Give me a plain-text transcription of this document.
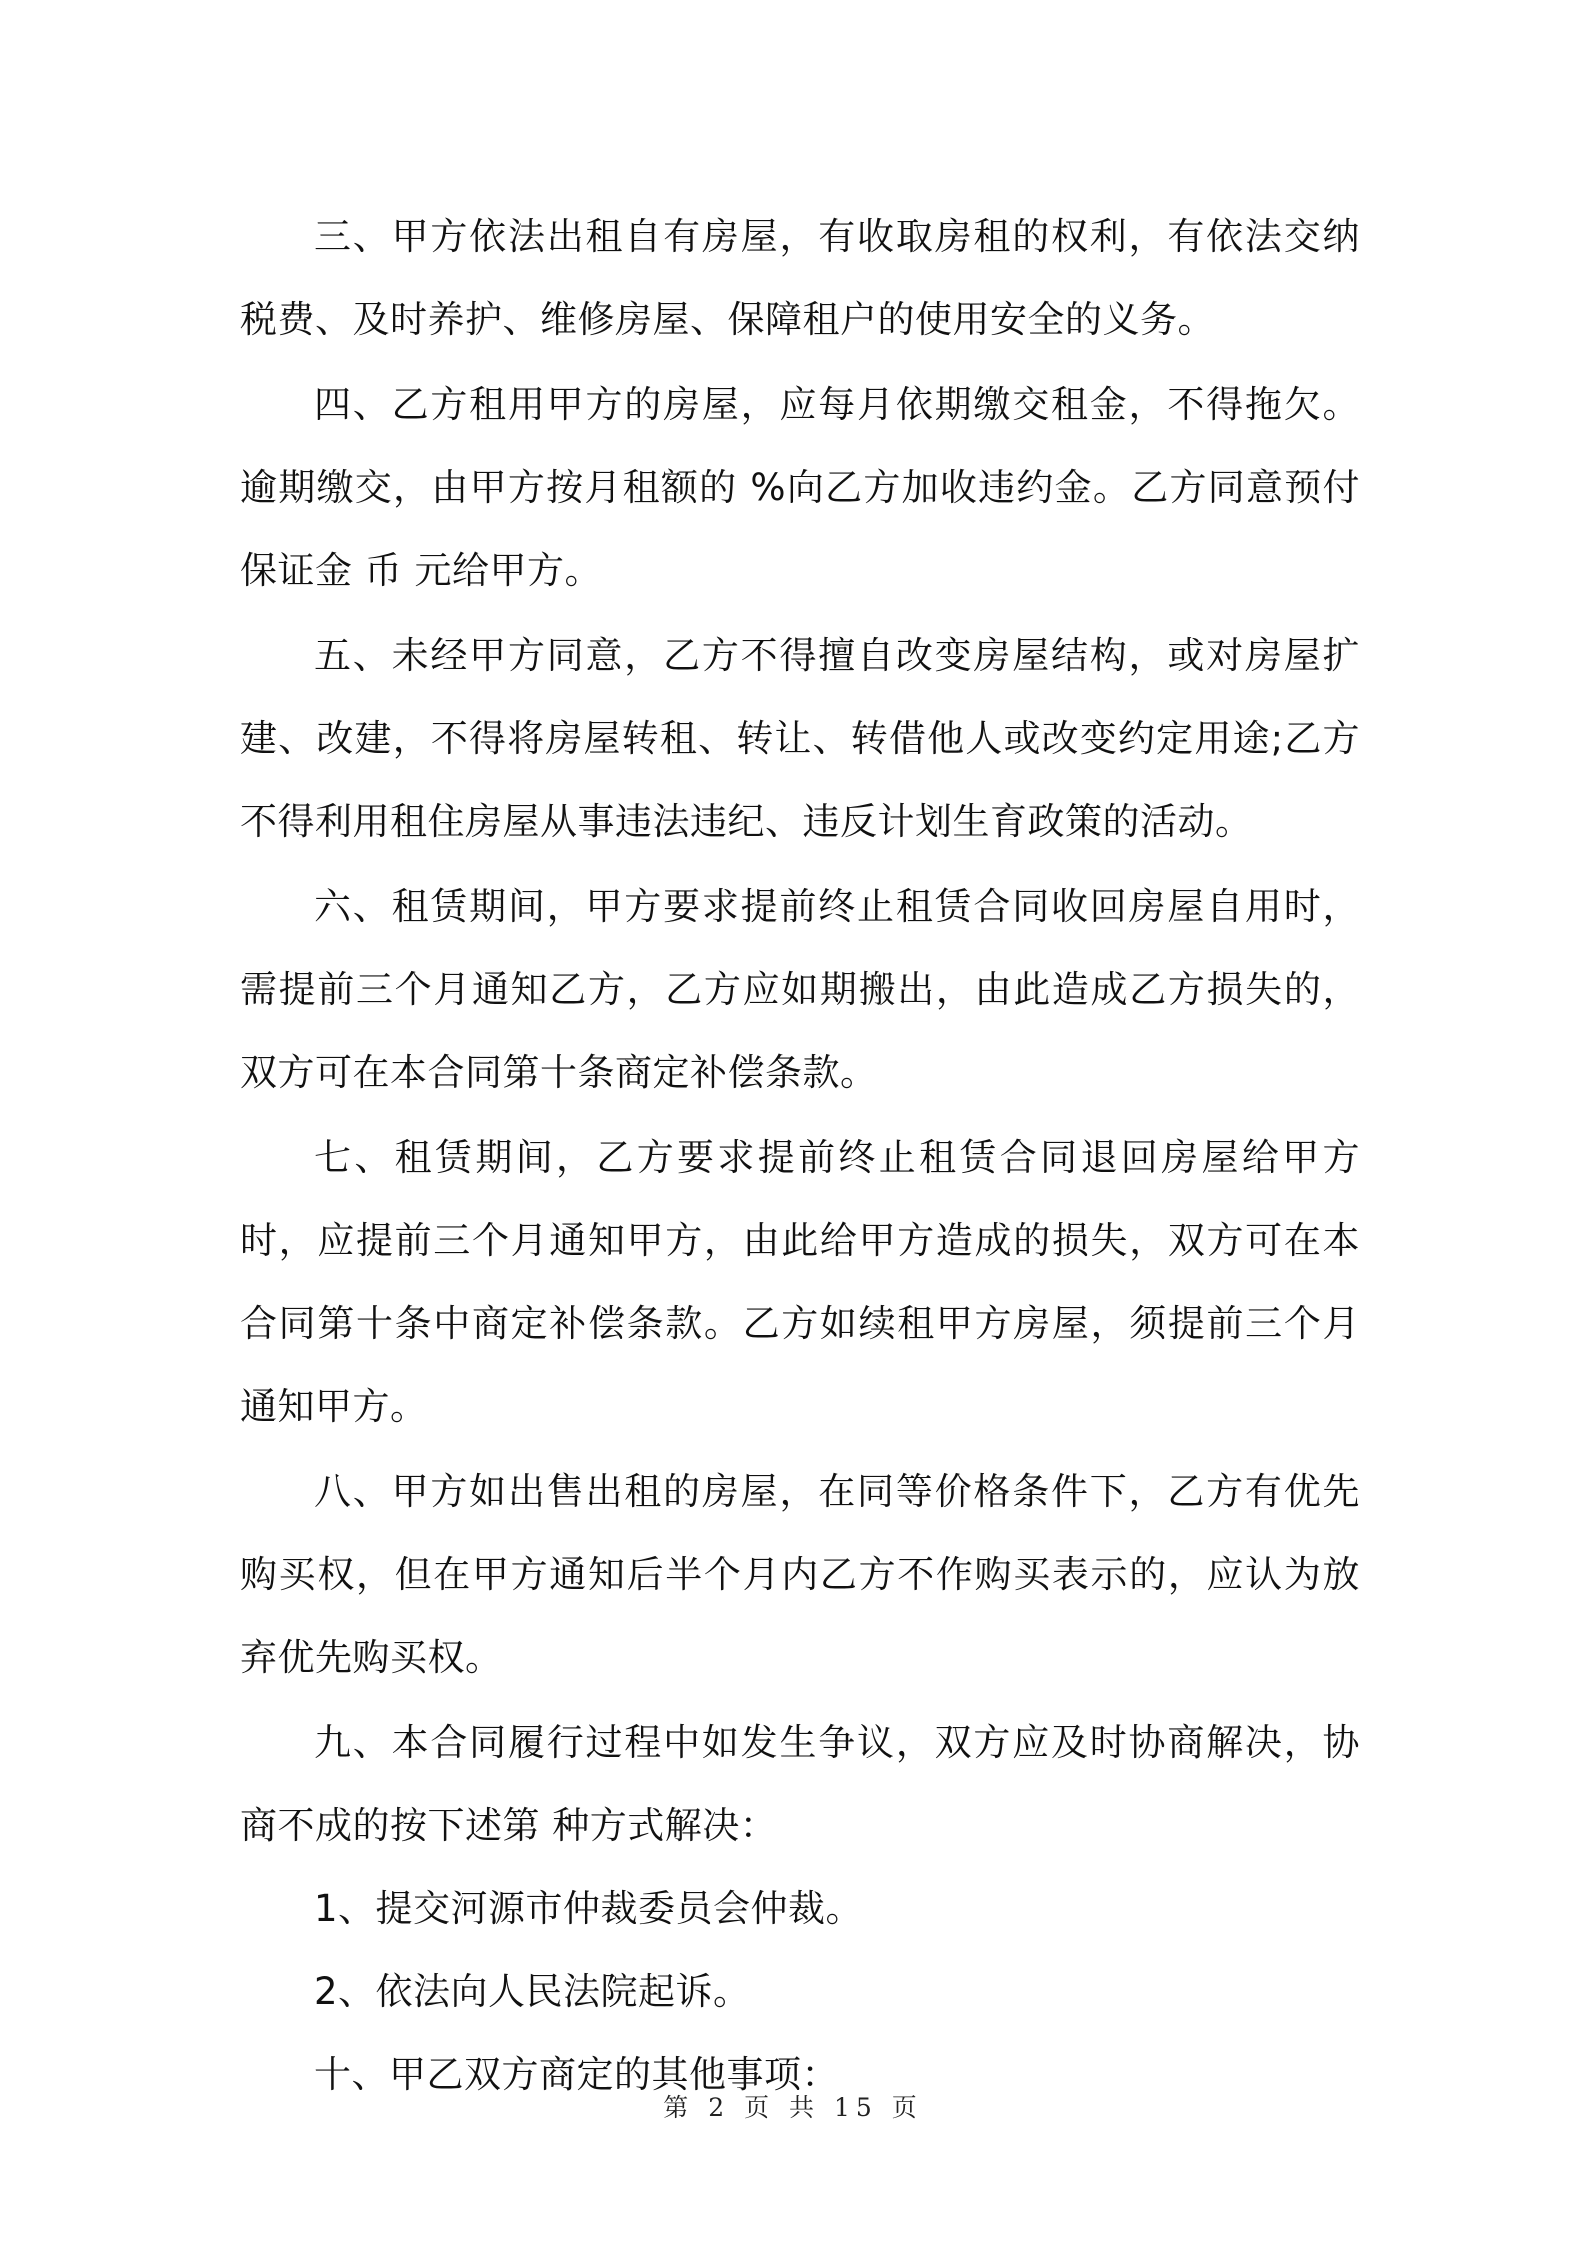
三、甲方依法出租自有房屋，有收取房租的权利，有依法交纳税费、及时养护、维修房屋、保障租户的使用安全的义务。

四、乙方租用甲方的房屋，应每月依期缴交租金，不得拖欠。逾期缴交，由甲方按月租额的 %向乙方加收违约金。乙方同意预付保证金 币 元给甲方。

五、未经甲方同意，乙方不得擅自改变房屋结构，或对房屋扩建、改建，不得将房屋转租、转让、转借他人或改变约定用途;乙方不得利用租住房屋从事违法违纪、违反计划生育政策的活动。

六、租赁期间，甲方要求提前终止租赁合同收回房屋自用时，需提前三个月通知乙方，乙方应如期搬出，由此造成乙方损失的，双方可在本合同第十条商定补偿条款。

七、租赁期间，乙方要求提前终止租赁合同退回房屋给甲方时，应提前三个月通知甲方，由此给甲方造成的损失，双方可在本合同第十条中商定补偿条款。乙方如续租甲方房屋，须提前三个月通知甲方。

八、甲方如出售出租的房屋，在同等价格条件下，乙方有优先购买权，但在甲方通知后半个月内乙方不作购买表示的，应认为放弃优先购买权。

九、本合同履行过程中如发生争议，双方应及时协商解决，协商不成的按下述第 种方式解决：

1、提交河源市仲裁委员会仲裁。

2、依法向人民法院起诉。

十、甲乙双方商定的其他事项：

第 2 页 共 15 页
